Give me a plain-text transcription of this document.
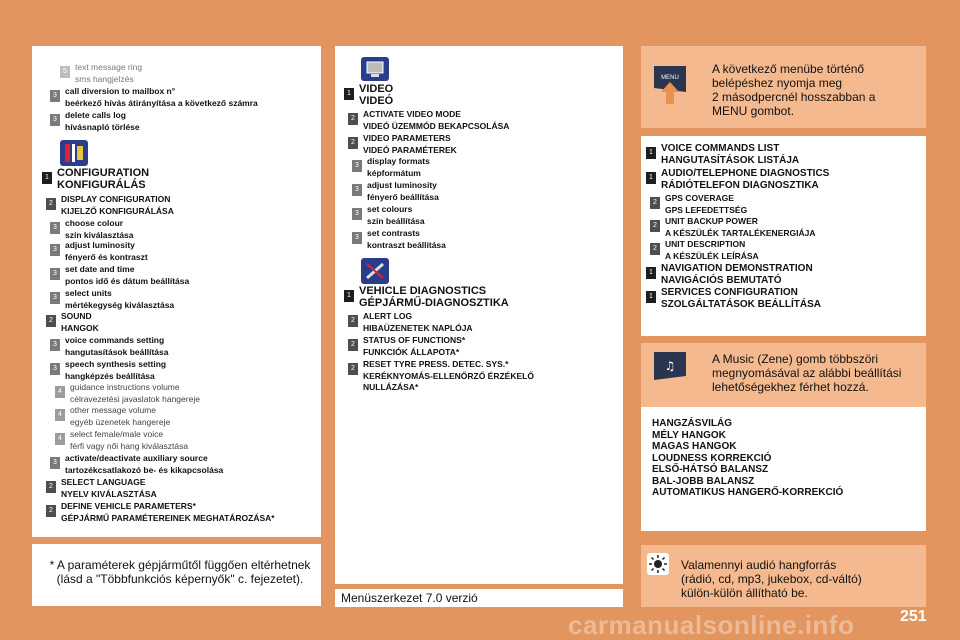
MENU
♫
5 text message ring
sms hangjelzés
3 call diversion to mailbox n°
beérkező hívás átirányítása a következő számra
3 delete calls log
hívásnapló törlése
1 CONFIGURATION
KONFIGURÁLÁS
2 DISPLAY CONFIGURATION
KIJELZŐ KONFIGURÁLÁSA
3 choose colour
szín kiválasztása
3 adjust luminosity
fényerő és kontraszt
3 set date and time
pontos idő és dátum beállítása
3 select units
mértékegység kiválasztása
2 SOUND
HANGOK
3 voice commands setting
hangutasítások beállítása
3 speech synthesis setting
hangképzés beállítása
4 guidance instructions volume
célravezetési javaslatok hangereje
4 other message volume
egyéb üzenetek hangereje
4 select female/male voice
férfi vagy női hang kiválasztása
3 activate/deactivate auxiliary source
tartozékcsatlakozó be- és kikapcsolása
2 SELECT LANGUAGE
NYELV KIVÁLASZTÁSA
2 DEFINE VEHICLE PARAMETERS*
GÉPJÁRMŰ PARAMÉTEREINEK MEGHATÁROZÁSA*
* A paraméterek gépjárműtől függően eltérhetnek
(lásd a "Többfunkciós képernyők" c. fejezetet).
1 VIDEO
VIDEÓ
2 ACTIVATE VIDEO MODE
VIDEÓ ÜZEMMÓD BEKAPCSOLÁSA
2 VIDEO PARAMETERS
VIDEÓ PARAMÉTEREK
3 display formats
képformátum
3 adjust luminosity
fényerő beállítása
3 set colours
szín beállítása
3 set contrasts
kontraszt beállítása
1 VEHICLE DIAGNOSTICS
GÉPJÁRMŰ-DIAGNOSZTIKA
2 ALERT LOG
HIBAÜZENETEK NAPLÓJA
2 STATUS OF FUNCTIONS*
FUNKCIÓK ÁLLAPOTA*
2 RESET TYRE PRESS. DETEC. SYS.*
KERÉKNYOMÁS-ELLENŐRZŐ ÉRZÉKELŐ
NULLÁZÁSA*
Menüszerkezet 7.0 verzió
A következő menübe történő
belépéshez nyomja meg
2 másodpercnél hosszabban a
MENU gombot.
1 VOICE COMMANDS LIST
HANGUTASÍTÁSOK LISTÁJA
1 AUDIO/TELEPHONE DIAGNOSTICS
RÁDIÓTELEFON DIAGNOSZTIKA
2 GPS COVERAGE
GPS LEFEDETTSÉG
2 UNIT BACKUP POWER
A KÉSZÜLÉK TARTALÉKENERGIÁJA
2 UNIT DESCRIPTION
A KÉSZÜLÉK LEÍRÁSA
1 NAVIGATION DEMONSTRATION
NAVIGÁCIÓS BEMUTATÓ
1 SERVICES CONFIGURATION
SZOLGÁLTATÁSOK BEÁLLÍTÁSA
A Music (Zene) gomb többszöri
megnyomásával az alábbi beállítási
lehetőségekhez férhet hozzá.
HANGZÁSVILÁG
MÉLY HANGOK
MAGAS HANGOK
LOUDNESS KORREKCIÓ
ELSŐ-HÁTSÓ BALANSZ
BAL-JOBB BALANSZ
AUTOMATIKUS HANGERŐ-KORREKCIÓ
Valamennyi audió hangforrás
(rádió, cd, mp3, jukebox, cd-váltó)
külön-külön állítható be.
251
carmanualsonline.info
